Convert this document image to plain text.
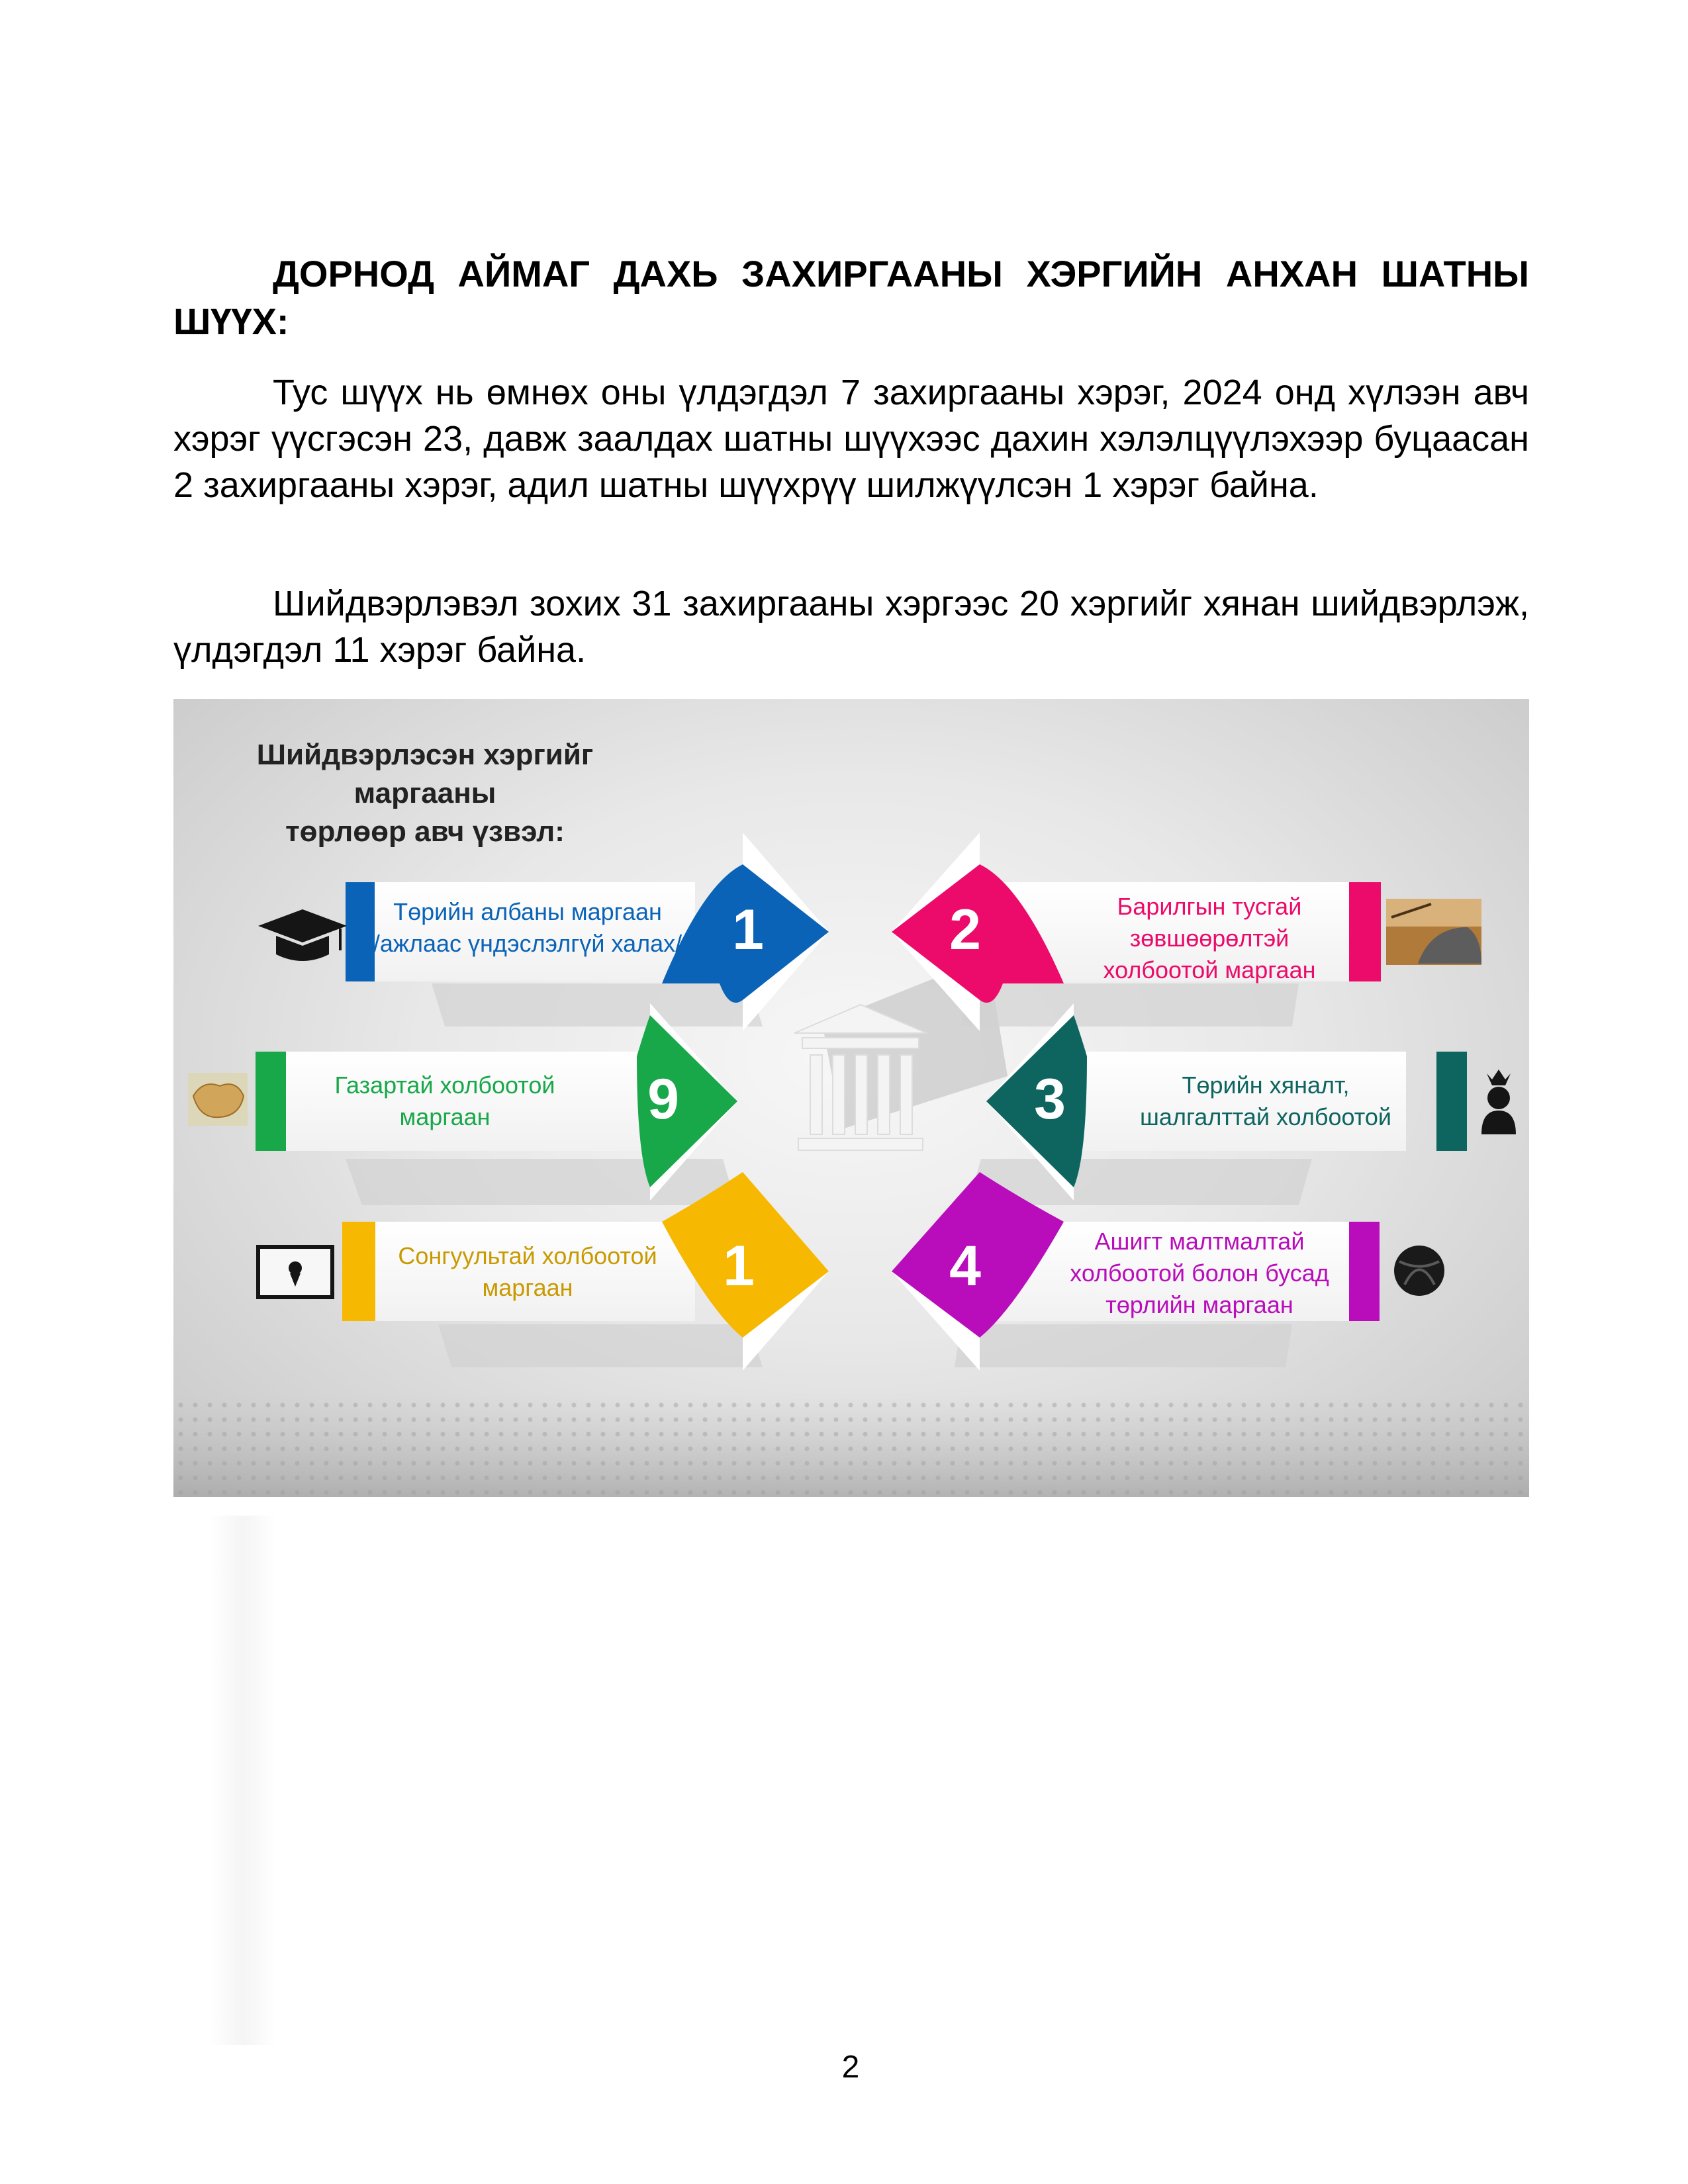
ДОРНОД АЙМАГ ДАХЬ ЗАХИРГААНЫ ХЭРГИЙН АНХАН ШАТНЫ ШҮҮХ:

Тус шүүх нь өмнөх оны үлдэгдэл 7 захиргааны хэрэг, 2024 онд хүлээн авч хэрэг үүсгэсэн 23, давж заалдах шатны шүүхээс дахин хэлэлцүүлэхээр буцаасан 2 захиргааны хэрэг, адил шатны шүүхрүү шилжүүлсэн 1 хэрэг байна.

Шийдвэрлэвэл зохих 31 захиргааны хэргээс 20 хэргийг хянан шийдвэрлэж, үлдэгдэл 11 хэрэг байна.

Шийдвэрлэсэн хэргийг маргааны
төрлөөр авч үзвэл:
1	2
9	3
1	4
Төрийн албаны маргаан
/ажлаас үндэслэлгүй халах/
Барилгын тусгай
зөвшөөрөлтэй
холбоотой маргаан
Газартай холбоотой
маргаан
Төрийн хяналт,
шалгалттай холбоотой
Сонгуультай холбоотой
маргаан
Ашигт малтмалтай
холбоотой болон бусад
төрлийн маргаан
2
